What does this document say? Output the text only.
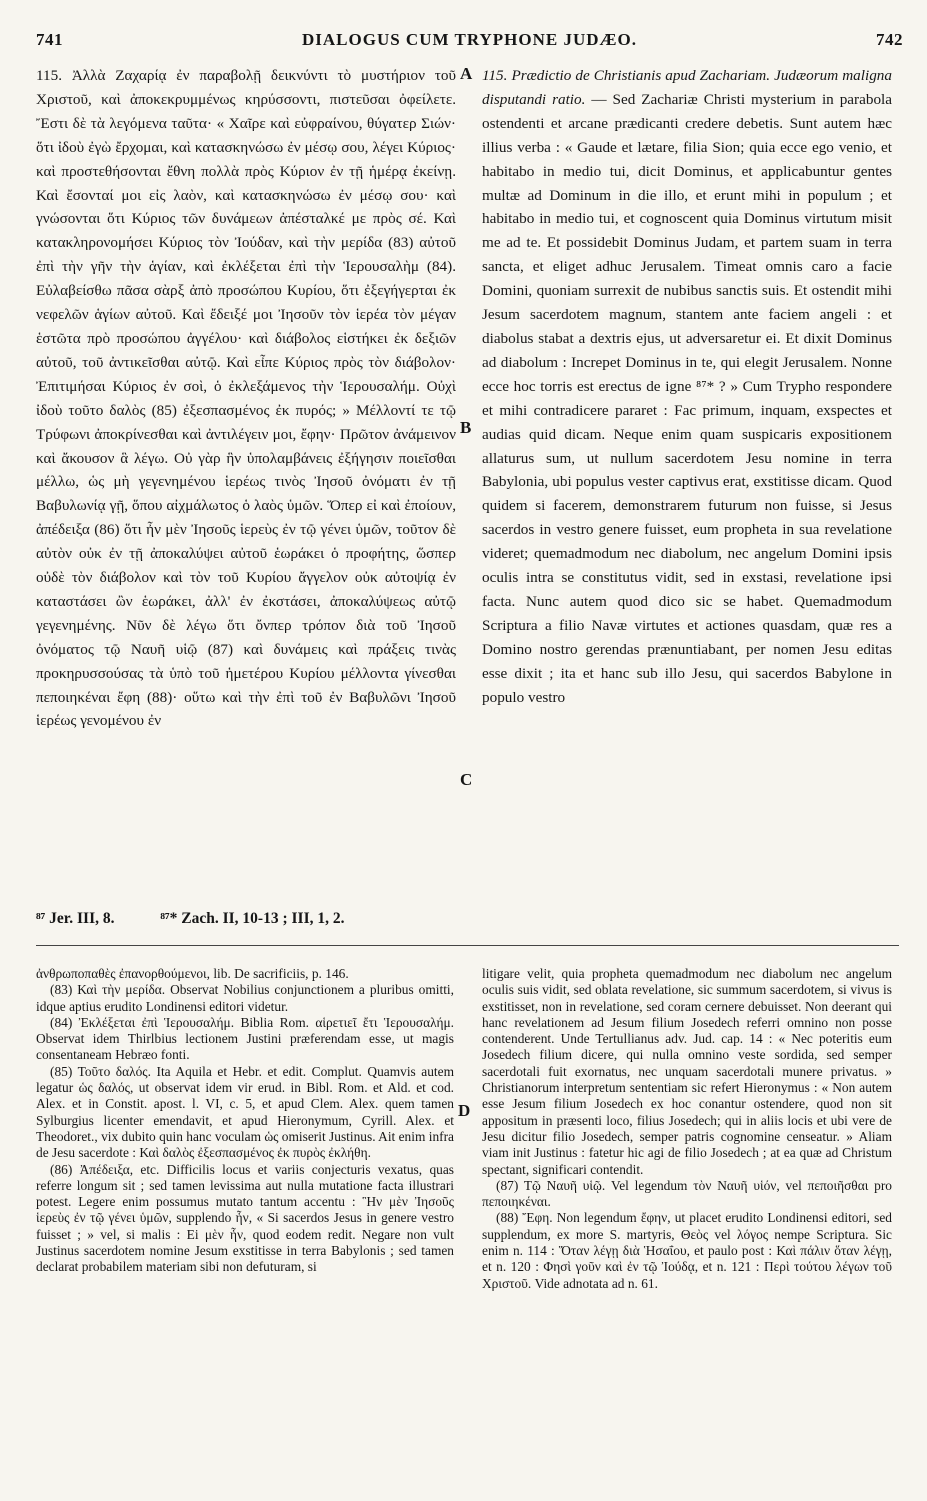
741	DIALOGUS CUM TRYPHONE JUDÆO.	742

115. Ἀλλὰ Ζαχαρίᾳ ἐν παραβολῇ δεικνύντι τὸ μυστήριον τοῦ Χριστοῦ, καὶ ἀποκεκρυμμένως κηρύσσοντι, πιστεῦσαι ὀφείλετε. Ἔστι δὲ τὰ λεγόμενα ταῦτα· « Χαῖρε καὶ εὐφραίνου, θύγατερ Σιών· ὅτι ἰδοὺ ἐγὼ ἔρχομαι, καὶ κατασκηνώσω ἐν μέσῳ σου, λέγει Κύριος· καὶ προστεθήσονται ἔθνη πολλὰ πρὸς Κύριον ἐν τῇ ἡμέρᾳ ἐκείνῃ. Καὶ ἔσονταί μοι εἰς λαὸν, καὶ κατασκηνώσω ἐν μέσῳ σου· καὶ γνώσονται ὅτι Κύριος τῶν δυνάμεων ἀπέσταλκέ με πρὸς σέ. Καὶ κατακληρονομήσει Κύριος τὸν Ἰούδαν, καὶ τὴν μερίδα (83) αὐτοῦ ἐπὶ τὴν γῆν τὴν ἁγίαν, καὶ ἐκλέξεται ἐπὶ τὴν Ἱερουσαλὴμ (84). Εὐλαβείσθω πᾶσα σὰρξ ἀπὸ προσώπου Κυρίου, ὅτι ἐξεγήγερται ἐκ νεφελῶν ἁγίων αὐτοῦ. Καὶ ἔδειξέ μοι Ἰησοῦν τὸν ἱερέα τὸν μέγαν ἑστῶτα πρὸ προσώπου ἀγγέλου· καὶ διάβολος εἱστήκει ἐκ δεξιῶν αὐτοῦ, τοῦ ἀντικεῖσθαι αὐτῷ. Καὶ εἶπε Κύριος πρὸς τὸν διάβολον· Ἐπιτιμήσαι Κύριος ἐν σοὶ, ὁ ἐκλεξάμενος τὴν Ἱερουσαλήμ. Οὐχὶ ἰδοὺ τοῦτο δαλὸς (85) ἐξεσπασμένος ἐκ πυρός; » Μέλλοντί τε τῷ Τρύφωνι ἀποκρίνεσθαι καὶ ἀντιλέγειν μοι, ἔφην· Πρῶτον ἀνάμεινον καὶ ἄκουσον ἃ λέγω. Οὐ γὰρ ἣν ὑπολαμβάνεις ἐξήγησιν ποιεῖσθαι μέλλω, ὡς μὴ γεγενημένου ἱερέως τινὸς Ἰησοῦ ὀνόματι ἐν τῇ Βαβυλωνίᾳ γῇ, ὅπου αἰχμάλωτος ὁ λαὸς ὑμῶν. Ὅπερ εἰ καὶ ἐποίουν, ἀπέδειξα (86) ὅτι ἦν μὲν Ἰησοῦς ἱερεὺς ἐν τῷ γένει ὑμῶν, τοῦτον δὲ αὐτὸν οὐκ ἐν τῇ ἀποκαλύψει αὐτοῦ ἑωράκει ὁ προφήτης, ὥσπερ οὐδὲ τὸν διάβολον καὶ τὸν τοῦ Κυρίου ἄγγελον οὐκ αὐτοψίᾳ ἐν καταστάσει ὢν ἑωράκει, ἀλλ' ἐν ἐκστάσει, ἀποκαλύψεως αὐτῷ γεγενημένης. Νῦν δὲ λέγω ὅτι ὄνπερ τρόπον διὰ τοῦ Ἰησοῦ ὀνόματος τῷ Ναυῆ υἱῷ (87) καὶ δυνάμεις καὶ πράξεις τινὰς προκηρυσσούσας τὰ ὑπὸ τοῦ ἡμετέρου Κυρίου μέλλοντα γίνεσθαι πεποιηκέναι ἔφη (88)· οὕτω καὶ τὴν ἐπὶ τοῦ ἐν Βαβυλῶνι Ἰησοῦ ἱερέως γενομένου ἐν

A
B
C

115. Prædictio de Christianis apud Zachariam. Judæorum maligna disputandi ratio. — Sed Zachariæ Christi mysterium in parabola ostendenti et arcane prædicanti credere debetis. Sunt autem hæc illius verba : « Gaude et lætare, filia Sion; quia ecce ego venio, et habitabo in medio tui, dicit Dominus, et applicabuntur gentes multæ ad Dominum in die illo, et erunt mihi in populum ; et habitabo in medio tui, et cognoscent quia Dominus virtutum misit me ad te. Et possidebit Dominus Judam, et partem suam in terra sancta, et eliget adhuc Jerusalem. Timeat omnis caro a facie Domini, quoniam surrexit de nubibus sanctis suis. Et ostendit mihi Jesum sacerdotem magnum, stantem ante faciem angeli : et diabolus stabat a dextris ejus, ut adversaretur ei. Et dixit Dominus ad diabolum : Increpet Dominus in te, qui elegit Jerusalem. Nonne ecce hoc torris est erectus de igne ⁸⁷* ? » Cum Trypho respondere et mihi contradicere pararet : Fac primum, inquam, exspectes et audias quid dicam. Neque enim quam suspicaris expositionem allaturus sum, ut nullum sacerdotem Jesu nomine in terra Babylonia, ubi populus vester captivus erat, exstitisse dicam. Quod quidem si facerem, demonstrarem futurum non fuisse, si Jesus sacerdos in vestro genere fuisset, eum propheta in sua revelatione videret; quemadmodum nec diabolum, nec angelum Domini ipsis oculis intra se constitutus vidit, sed in exstasi, revelatione ipsi facta. Nunc autem quod dico sic se habet. Quemadmodum Scriptura a filio Navæ virtutes et actiones quasdam, quæ res a Domino nostro gerendas prænuntiabant, per nomen Jesu editas esse dixit ; ita et hanc sub illo Jesu, qui sacerdos Babylone in populo vestro

⁸⁷ Jer. III, 8.	⁸⁷* Zach. II, 10-13 ; III, 1, 2.

ἀνθρωποπαθὲς ἐπανορθούμενοι, lib. De sacrificiis, p. 146.

(83) Καὶ τὴν μερίδα. Observat Nobilius conjunctionem a pluribus omitti, idque aptius erudito Londinensi editori videtur.

(84) Ἐκλέξεται ἐπὶ Ἱερουσαλήμ. Biblia Rom. αἱρετιεῖ ἔτι Ἱερουσαλήμ. Observat idem Thirlbius lectionem Justini præferendam esse, ut magis consentaneam Hebræo fonti.

(85) Τοῦτο δαλός. Ita Aquila et Hebr. et edit. Complut. Quamvis autem legatur ὡς δαλός, ut observat idem vir erud. in Bibl. Rom. et Ald. et cod. Alex. et in Constit. apost. l. VI, c. 5, et apud Clem. Alex. quem tamen Sylburgius licenter emendavit, et apud Hieronymum, Cyrill. Alex. et Theodoret., vix dubito quin hanc voculam ὡς omiserit Justinus. Ait enim infra de Jesu sacerdote : Καὶ δαλὸς ἐξεσπασμένος ἐκ πυρὸς ἐκλήθη.

(86) Ἀπέδειξα, etc. Difficilis locus et variis conjecturis vexatus, quas referre longum sit ; sed tamen levissima aut nulla mutatione facta illustrari potest. Legere enim possumus mutato tantum accentu : Ἣν μὲν Ἰησοῦς ἱερεὺς ἐν τῷ γένει ὑμῶν, supplendo ἦν, « Si sacerdos Jesus in genere vestro fuisset ; » vel, si malis : Ei μὲν ἦν, quod eodem redit. Negare non vult Justinus sacerdotem nomine Jesum exstitisse in terra Babylonis ; sed tamen declarat probabilem materiam sibi non defuturam, si

D

litigare velit, quia propheta quemadmodum nec diabolum nec angelum oculis suis vidit, sed oblata revelatione, sic summum sacerdotem, si vivus is exstitisset, non in revelatione, sed coram cernere debuisset. Non deerant qui hanc revelationem ad Jesum filium Josedech referri omnino non posse contenderent. Unde Tertullianus adv. Jud. cap. 14 : « Nec poteritis eum Josedech filium dicere, qui nulla omnino veste sordida, sed semper sacerdotali fuit exornatus, nec unquam sacerdotali munere privatus. » Christianorum interpretum sententiam sic refert Hieronymus : « Non autem esse Jesum filium Josedech ex hoc conantur ostendere, quod non sit appositum in præsenti loco, filius Josedech; qui in aliis locis et ubi vere de Jesu dicitur filio Josedech, semper patris cognomine censeatur. » Aliam viam init Justinus : fatetur hic agi de filio Josedech ; at ea quæ ad Christum spectant, significari contendit.

(87) Τῷ Ναυῆ υἱῷ. Vel legendum τὸν Ναυῆ υἱόν, vel πεποιῆσθαι pro πεποιηκέναι.

(88) Ἔφη. Non legendum ἔφην, ut placet erudito Londinensi editori, sed supplendum, ex more S. martyris, Θεὸς vel λόγος nempe Scriptura. Sic enim n. 114 : Ὅταν λέγῃ διὰ Ἡσαΐου, et paulo post : Καὶ πάλιν ὅταν λέγῃ, et n. 120 : Φησὶ γοῦν καὶ ἐν τῷ Ἰούδᾳ, et n. 121 : Περὶ τούτου λέγων τοῦ Χριστοῦ. Vide adnotata ad n. 61.
